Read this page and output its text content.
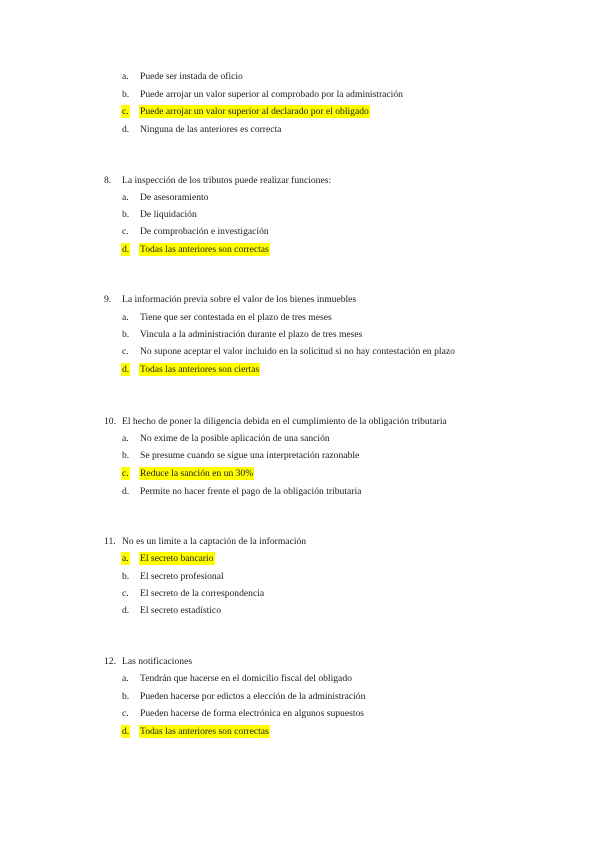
a. Puede ser instada de oficio
b. Puede arrojar un valor superior al comprobado por la administración
c. Puede arrojar un valor superior al declarado por el obligado
d. Ninguna de las anteriores es correcta
8. La inspección de los tributos puede realizar funciones:
a. De asesoramiento
b. De liquidación
c. De comprobación e investigación
d. Todas las anteriores son correctas
9. La información previa sobre el valor de los bienes inmuebles
a. Tiene que ser contestada en el plazo de tres meses
b. Vincula a la administración durante el plazo de tres meses
c. No supone aceptar el valor incluido en la solicitud si no hay contestación en plazo
d. Todas las anteriores son ciertas
10. El hecho de poner la diligencia debida en el cumplimiento de la obligación tributaria
a. No exime de la posible aplicación de una sanción
b. Se presume cuando se sigue una interpretación razonable
c. Reduce la sanción en un 30%
d. Permite no hacer frente el pago de la obligación tributaria
11. No es un limite a la captación de la información
a. El secreto bancario
b. El secreto profesional
c. El secreto de la correspondencia
d. El secreto estadístico
12. Las notificaciones
a. Tendrán que hacerse en el domicilio fiscal del obligado
b. Pueden hacerse por edictos a elección de la administración
c. Pueden hacerse de forma electrónica en algunos supuestos
d. Todas las anteriores son correctas
